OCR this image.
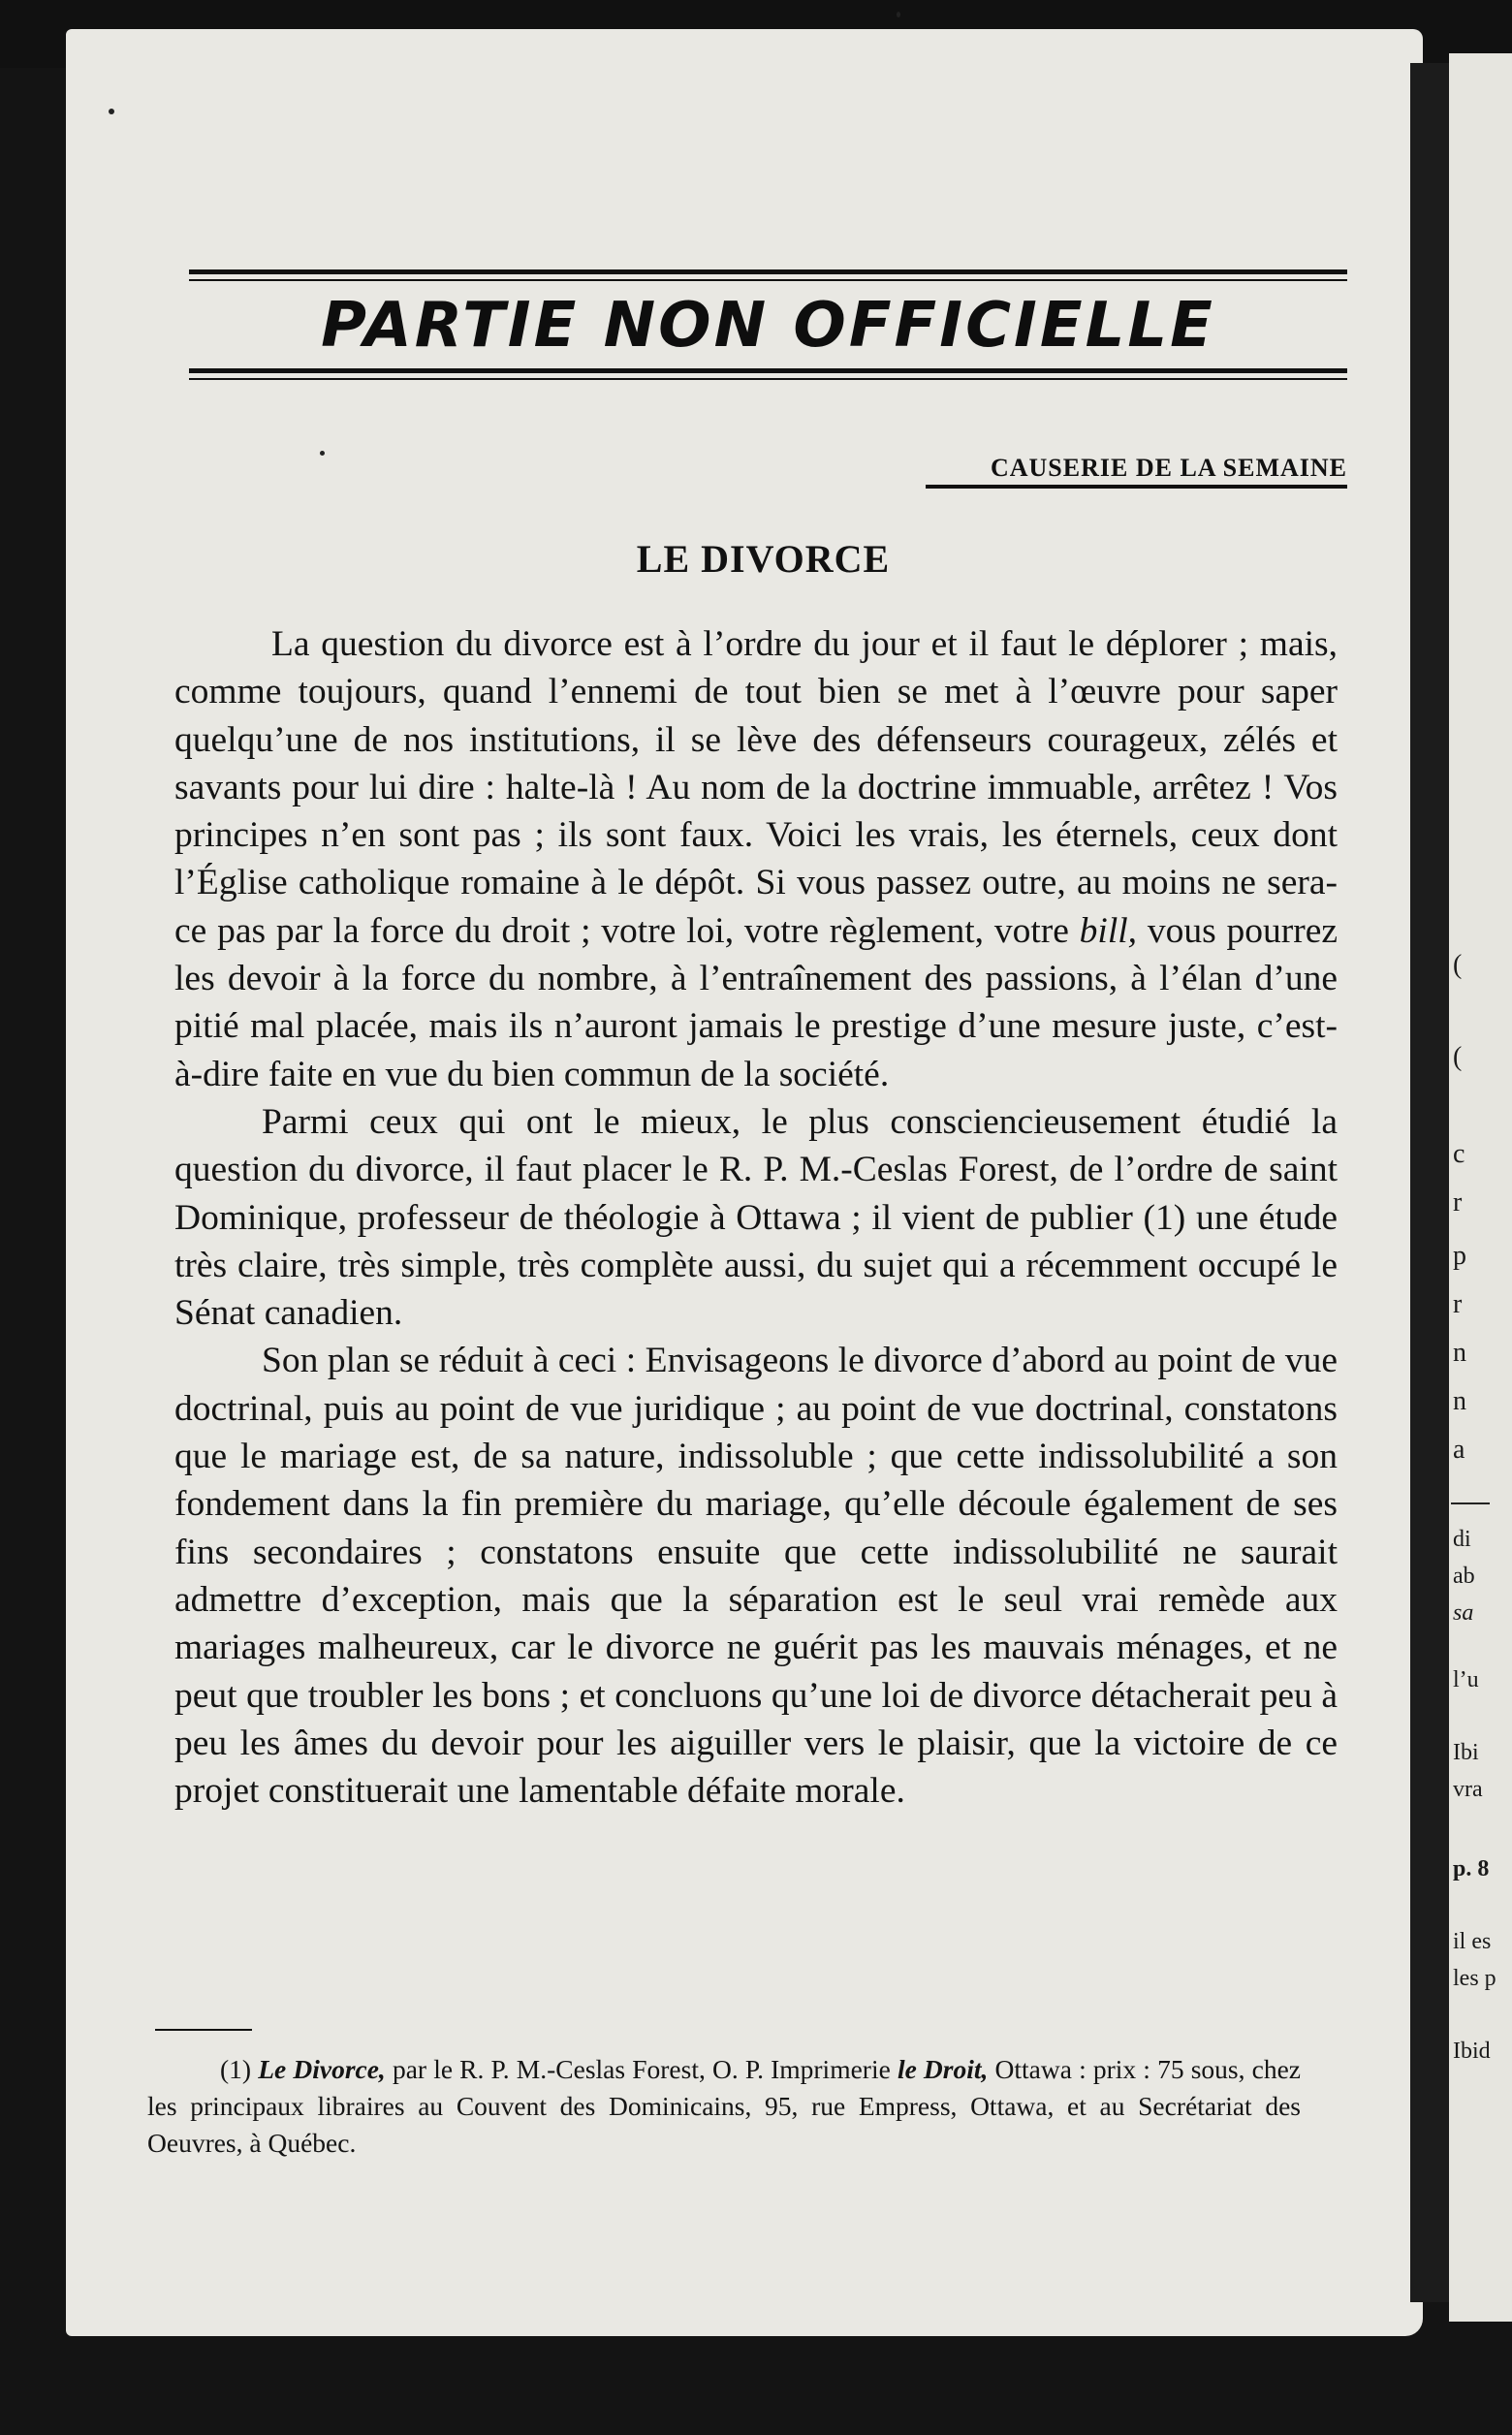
(
(
c
r
p
r
n
n
a
di
ab
sa
l’u
Ibi
vra
p. 8
il es
les p
Ibid
PARTIE NON OFFICIELLE
CAUSERIE DE LA SEMAINE
LE DIVORCE

La question du divorce est à l’ordre du jour et il faut le déplorer ; mais, comme toujours, quand l’ennemi de tout bien se met à l’œuvre pour saper quelqu’une de nos institutions, il se lève des défenseurs courageux, zélés et savants pour lui dire : halte-là ! Au nom de la doctrine immuable, arrêtez ! Vos principes n’en sont pas ; ils sont faux. Voici les vrais, les éternels, ceux dont l’Église catholique romaine à le dépôt. Si vous passez outre, au moins ne sera-ce pas par la force du droit ; votre loi, votre règlement, votre bill, vous pourrez les devoir à la force du nombre, à l’entraînement des passions, à l’élan d’une pitié mal placée, mais ils n’auront jamais le prestige d’une mesure juste, c’est-à-dire faite en vue du bien commun de la société.

Parmi ceux qui ont le mieux, le plus consciencieusement étudié la question du divorce, il faut placer le R. P. M.-Ceslas Forest, de l’ordre de saint Dominique, professeur de théologie à Ottawa ; il vient de publier (1) une étude très claire, très simple, très complète aussi, du sujet qui a récemment occupé le Sénat canadien.

Son plan se réduit à ceci : Envisageons le divorce d’abord au point de vue doctrinal, puis au point de vue juridique ; au point de vue doctrinal, constatons que le mariage est, de sa nature, indissoluble ; que cette indissolubilité a son fondement dans la fin première du mariage, qu’elle découle également de ses fins secondaires ; constatons ensuite que cette indissolubilité ne saurait admettre d’exception, mais que la séparation est le seul vrai remède aux mariages malheureux, car le divorce ne guérit pas les mauvais ménages, et ne peut que troubler les bons ; et concluons qu’une loi de divorce détacherait peu à peu les âmes du devoir pour les aiguiller vers le plaisir, que la victoire de ce projet constituerait une lamentable défaite morale.

(1) Le Divorce, par le R. P. M.-Ceslas Forest, O. P. Imprimerie le Droit, Ottawa : prix : 75 sous, chez les principaux libraires au Couvent des Dominicains, 95, rue Empress, Ottawa, et au Secrétariat des Oeuvres, à Québec.
